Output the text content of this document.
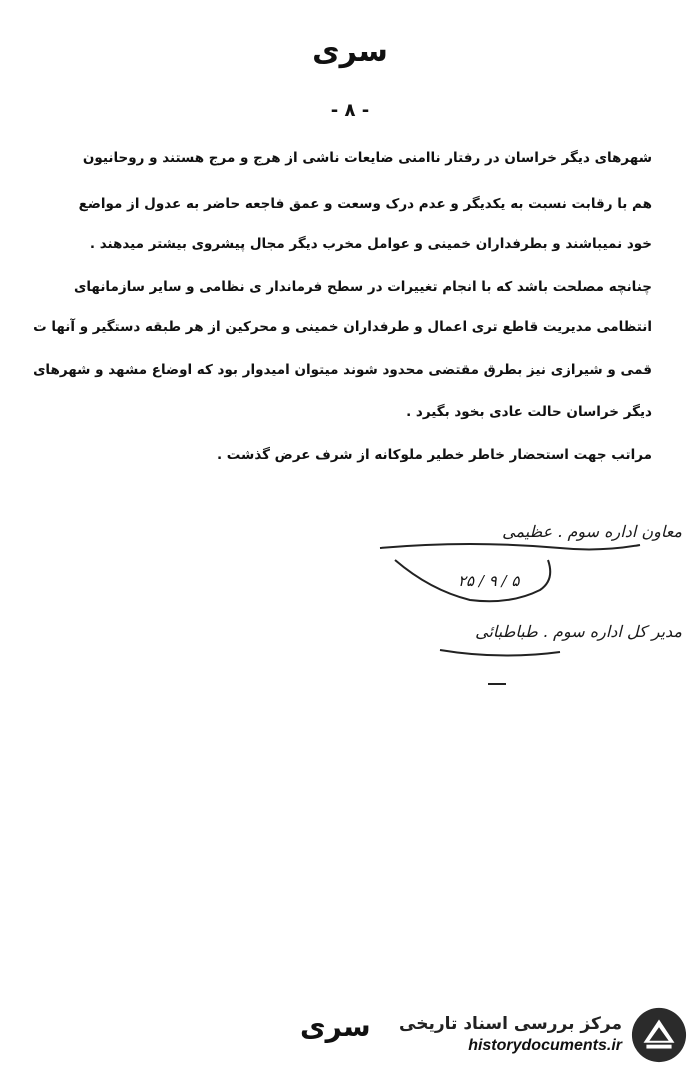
سری
- ۸ -
شهرهای دیگر خراسان در رفتار ناامنی ضایعات ناشی از هرج و مرج هستند و روحانیون
هم با رقابت نسبت به یکدیگر و عدم درک وسعت و عمق فاجعه حاضر به عدول از مواضع
خود نمیباشند و بطرفداران خمینی و عوامل مخرب دیگر مجال پیشروی بیشتر میدهند .
چنانچه مصلحت باشد که با انجام تغییرات در سطح فرماندار ی نظامی و سایر سازمانهای
انتظامی مدیریت قاطع تری اعمال و طرفداران خمینی و محرکین از هر طبقه دستگیر و آنها ت
قمی و شیرازی نیز بطرق مقتضی محدود شوند میتوان امیدوار بود که اوضاع مشهد و شهرهای
دیگر خراسان حالت عادی بخود بگیرد .
مراتب جهت استحضار خاطر خطیر ملوکانه از شرف عرض گذشت .
معاون اداره سوم . عظیمی
۲۵ / ۹ / ۵
مدیر کل اداره سوم . طباطبائی
سری مرکز بررسی اسناد تاریخی
historydocuments.ir
